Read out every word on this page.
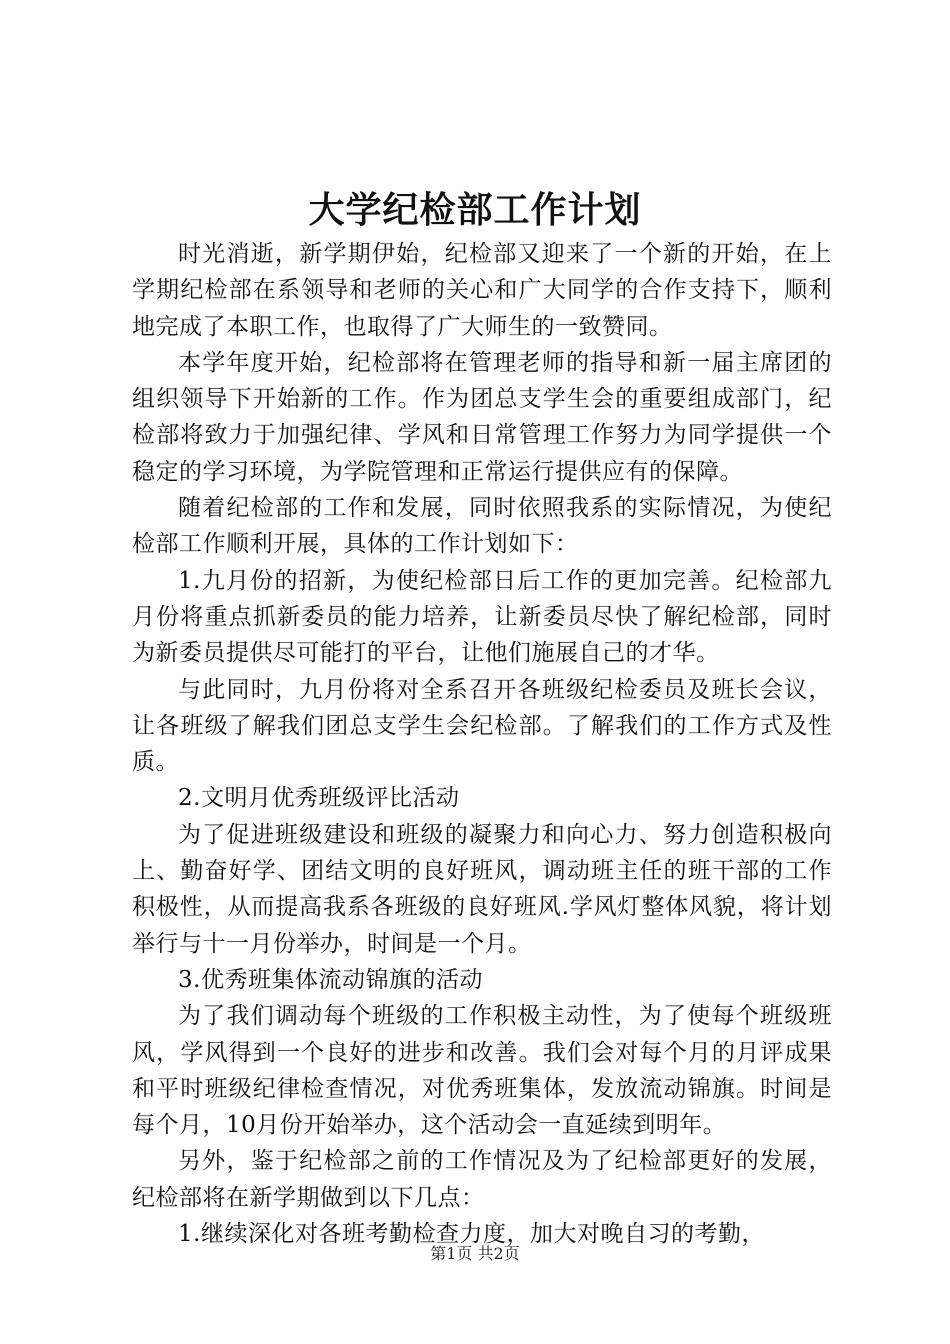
大学纪检部工作计划

时光消逝，新学期伊始，纪检部又迎来了一个新的开始，在上学期纪检部在系领导和老师的关心和广大同学的合作支持下，顺利地完成了本职工作，也取得了广大师生的一致赞同。

本学年度开始，纪检部将在管理老师的指导和新一届主席团的组织领导下开始新的工作。作为团总支学生会的重要组成部门，纪检部将致力于加强纪律、学风和日常管理工作努力为同学提供一个稳定的学习环境，为学院管理和正常运行提供应有的保障。

随着纪检部的工作和发展，同时依照我系的实际情况，为使纪检部工作顺利开展，具体的工作计划如下：

1.九月份的招新，为使纪检部日后工作的更加完善。纪检部九月份将重点抓新委员的能力培养，让新委员尽快了解纪检部，同时为新委员提供尽可能打的平台，让他们施展自己的才华。

与此同时，九月份将对全系召开各班级纪检委员及班长会议，让各班级了解我们团总支学生会纪检部。了解我们的工作方式及性质。

2.文明月优秀班级评比活动

为了促进班级建设和班级的凝聚力和向心力、努力创造积极向上、勤奋好学、团结文明的良好班风，调动班主任的班干部的工作积极性，从而提高我系各班级的良好班风.学风灯整体风貌，将计划举行与十一月份举办，时间是一个月。

3.优秀班集体流动锦旗的活动

为了我们调动每个班级的工作积极主动性，为了使每个班级班风，学风得到一个良好的进步和改善。我们会对每个月的月评成果和平时班级纪律检查情况，对优秀班集体，发放流动锦旗。时间是每个月，10月份开始举办，这个活动会一直延续到明年。

另外，鉴于纪检部之前的工作情况及为了纪检部更好的发展，纪检部将在新学期做到以下几点：

1.继续深化对各班考勤检查力度，加大对晚自习的考勤，

第1页 共2页
